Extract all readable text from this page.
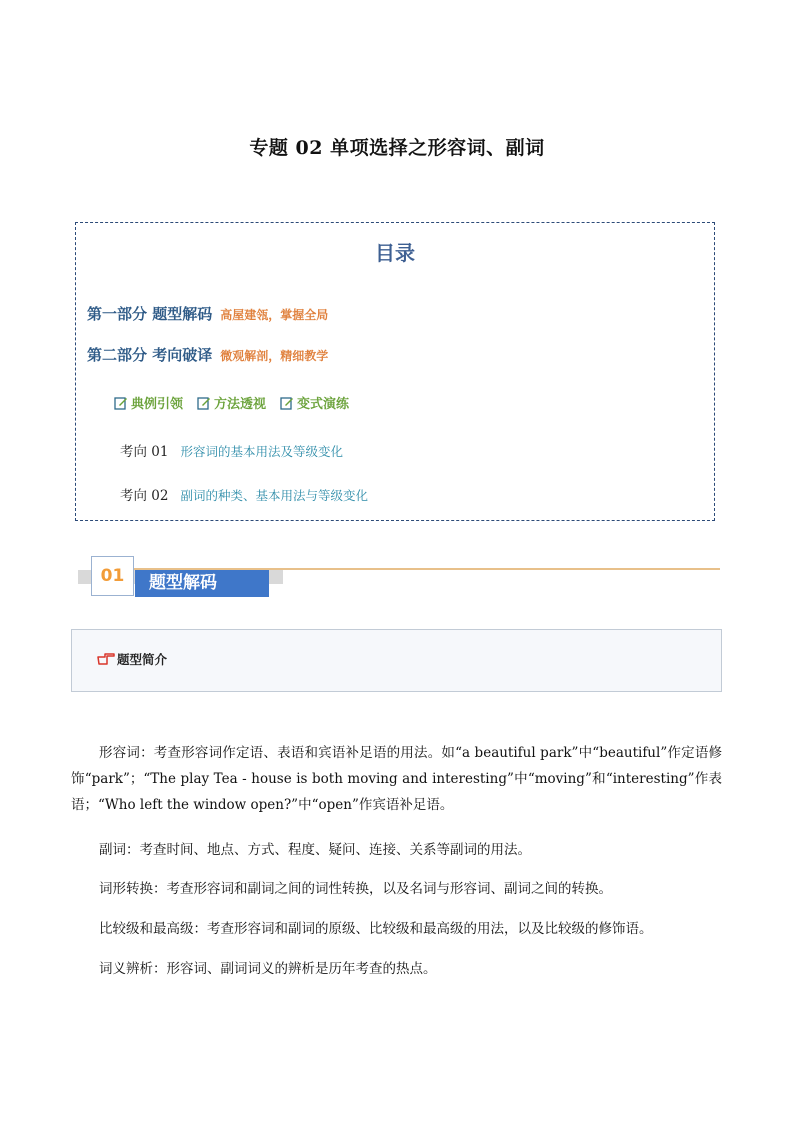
专题 02 单项选择之形容词、副词
目录
第一部分 题型解码 高屋建瓴，掌握全局
第二部分 考向破译 微观解剖，精细教学
典例引领 方法透视 变式演练
考向 01 形容词的基本用法及等级变化
考向 02 副词的种类、基本用法与等级变化
01	题型解码
题型简介
形容词：考查形容词作定语、表语和宾语补足语的用法。如“a beautiful park”中“beautiful”作定语修饰“park”；“The play Tea - house is both moving and interesting”中“moving”和“interesting”作表语；“Who left the window open?”中“open”作宾语补足语。
副词：考查时间、地点、方式、程度、疑问、连接、关系等副词的用法。
词形转换：考查形容词和副词之间的词性转换，以及名词与形容词、副词之间的转换。
比较级和最高级：考查形容词和副词的原级、比较级和最高级的用法，以及比较级的修饰语。
词义辨析：形容词、副词词义的辨析是历年考查的热点。
